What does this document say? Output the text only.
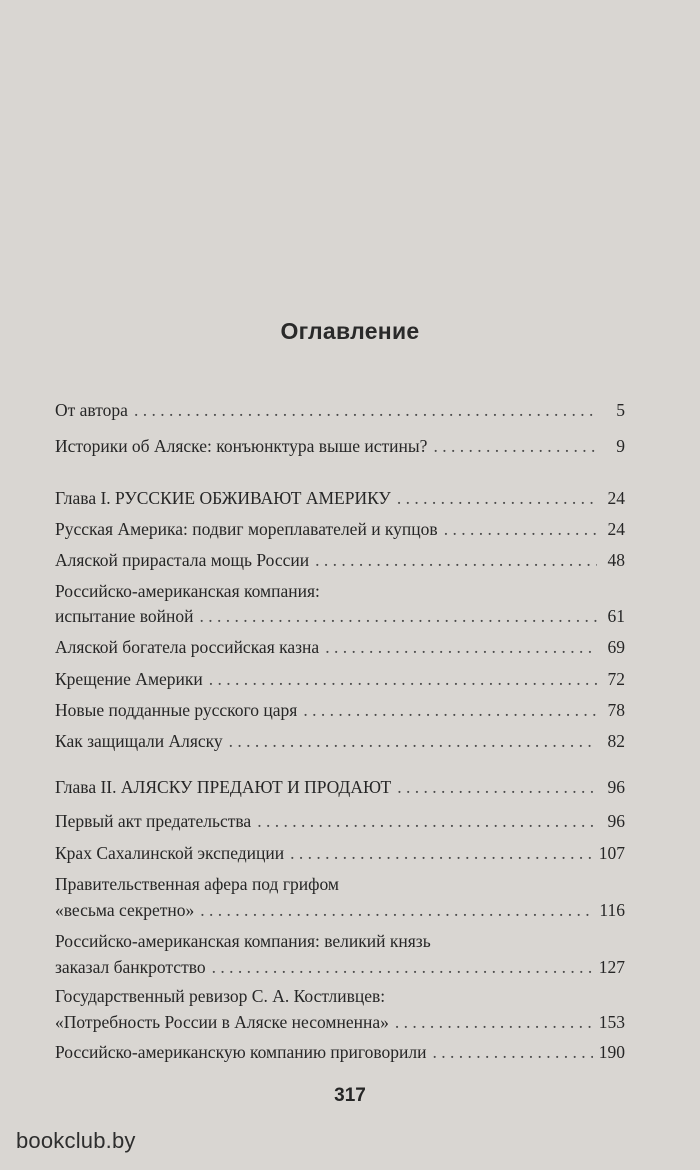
Оглавление
От автора . . .	5
Историки об Аляске: конъюнктура выше истины? . . .	9
Глава I. РУССКИЕ ОБЖИВАЮТ АМЕРИКУ . . .	24
Русская Америка: подвиг мореплавателей и купцов . . .	24
Аляской прирастала мощь России . . .	48
Российско-американская компания:
испытание войной . . .	61
Аляской богатела российская казна . . .	69
Крещение Америки . . .	72
Новые подданные русского царя . . .	78
Как защищали Аляску . . .	82
Глава II. АЛЯСКУ ПРЕДАЮТ И ПРОДАЮТ . . .	96
Первый акт предательства . . .	96
Крах Сахалинской экспедиции . . .	107
Правительственная афера под грифом
«весьма секретно» . . .	116
Российско-американская компания: великий князь
заказал банкротство . . .	127
Государственный ревизор С. А. Костливцев:
«Потребность России в Аляске несомненна» . . .	153
Российско-американскую компанию приговорили . . .	190
317
bookclub.by
